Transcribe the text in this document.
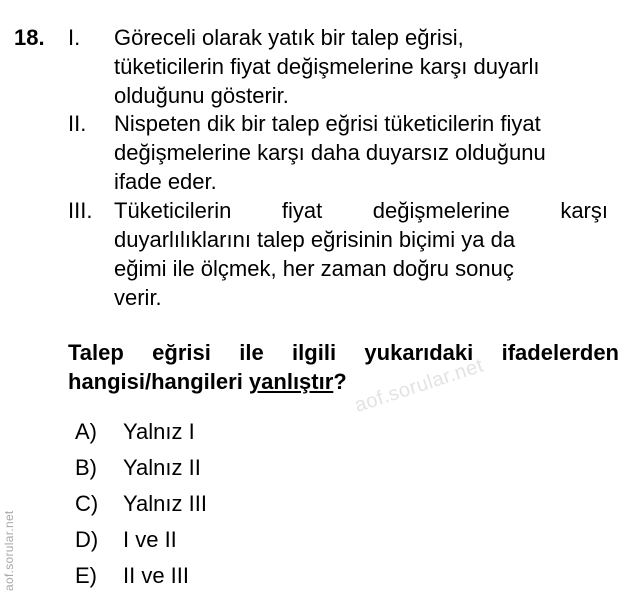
18. I.	Göreceli olarak yatık bir talep eğrisi,
tüketicilerin fiyat değişmelerine karşı duyarlı
olduğunu gösterir.
II.	Nispeten dik bir talep eğrisi tüketicilerin fiyat
değişmelerine karşı daha duyarsız olduğunu
ifade eder.
III. Tüketicilerin fiyat değişmelerine karşı
duyarlılıklarını talep eğrisinin biçimi ya da
eğimi ile ölçmek, her zaman doğru sonuç
verir.
Talep eğrisi ile ilgili yukarıdaki ifadelerden
hangisi/hangileri yanlıştır? aof.sorular.net
aof.sorular.net
A) Yalnız I
B) Yalnız II
C) Yalnız III
D) I ve II
E) II ve III
